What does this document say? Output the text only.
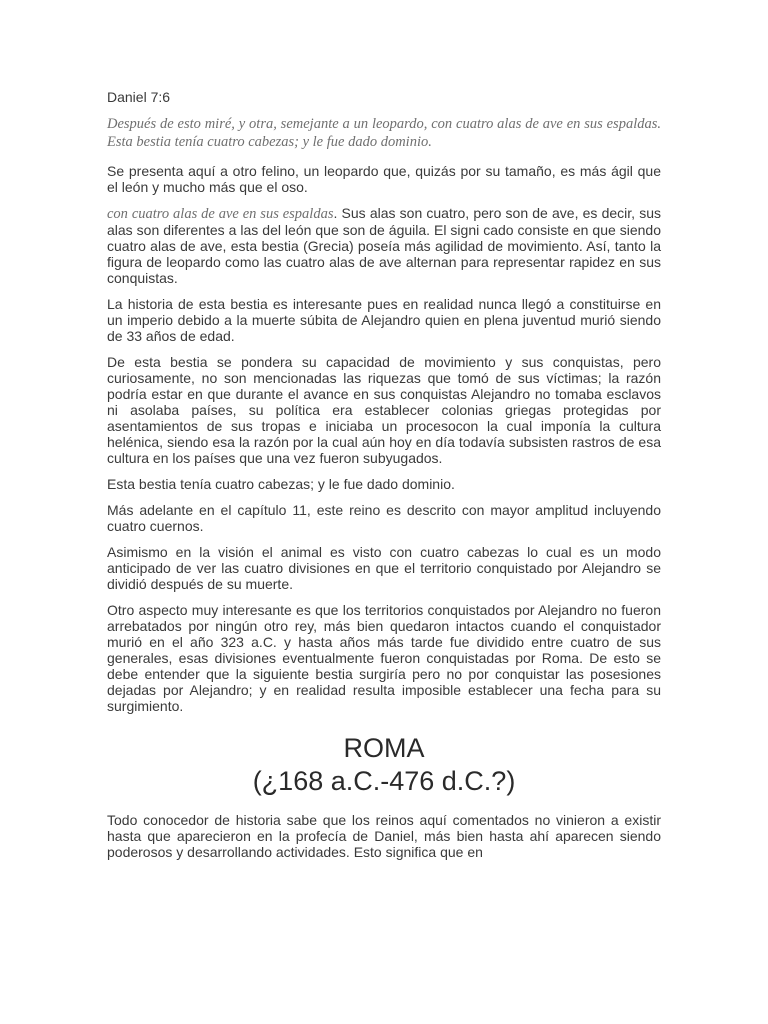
Daniel 7:6
Después de esto miré, y otra, semejante a un leopardo, con cuatro alas de ave en sus espaldas. Esta bestia tenía cuatro cabezas; y le fue dado dominio.
Se presenta aquí a otro felino, un leopardo que, quizás por su tamaño, es más ágil que el león y mucho más que el oso.
con cuatro alas de ave en sus espaldas. Sus alas son cuatro, pero son de ave, es decir, sus alas son diferentes a las del león que son de águila. El signi cado consiste en que siendo cuatro alas de ave, esta bestia (Grecia) poseía más agilidad de movimiento. Así, tanto la figura de leopardo como las cuatro alas de ave alternan para representar rapidez en sus conquistas.
La historia de esta bestia es interesante pues en realidad nunca llegó a constituirse en un imperio debido a la muerte súbita de Alejandro quien en plena juventud murió siendo de 33 años de edad.
De esta bestia se pondera su capacidad de movimiento y sus conquistas, pero curiosamente, no son mencionadas las riquezas que tomó de sus víctimas; la razón podría estar en que durante el avance en sus conquistas Alejandro no tomaba esclavos ni asolaba países, su política era establecer colonias griegas protegidas por asentamientos de sus tropas e iniciaba un procesocon la cual imponía la cultura helénica, siendo esa la razón por la cual aún hoy en día todavía subsisten rastros de esa cultura en los países que una vez fueron subyugados.
Esta bestia tenía cuatro cabezas; y le fue dado dominio.
Más adelante en el capítulo 11, este reino es descrito con mayor amplitud incluyendo cuatro cuernos.
Asimismo en la visión el animal es visto con cuatro cabezas lo cual es un modo anticipado de ver las cuatro divisiones en que el territorio conquistado por Alejandro se dividió después de su muerte.
Otro aspecto muy interesante es que los territorios conquistados por Alejandro no fueron arrebatados por ningún otro rey, más bien quedaron intactos cuando el conquistador murió en el año 323 a.C. y hasta años más tarde fue dividido entre cuatro de sus generales, esas divisiones eventualmente fueron conquistadas por Roma. De esto se debe entender que la siguiente bestia surgiría pero no por conquistar las posesiones dejadas por Alejandro; y en realidad resulta imposible establecer una fecha para su surgimiento.
ROMA
(¿168 a.C.-476 d.C.?)
Todo conocedor de historia sabe que los reinos aquí comentados no vinieron a existir hasta que aparecieron en la profecía de Daniel, más bien hasta ahí aparecen siendo poderosos y desarrollando actividades. Esto significa que en
